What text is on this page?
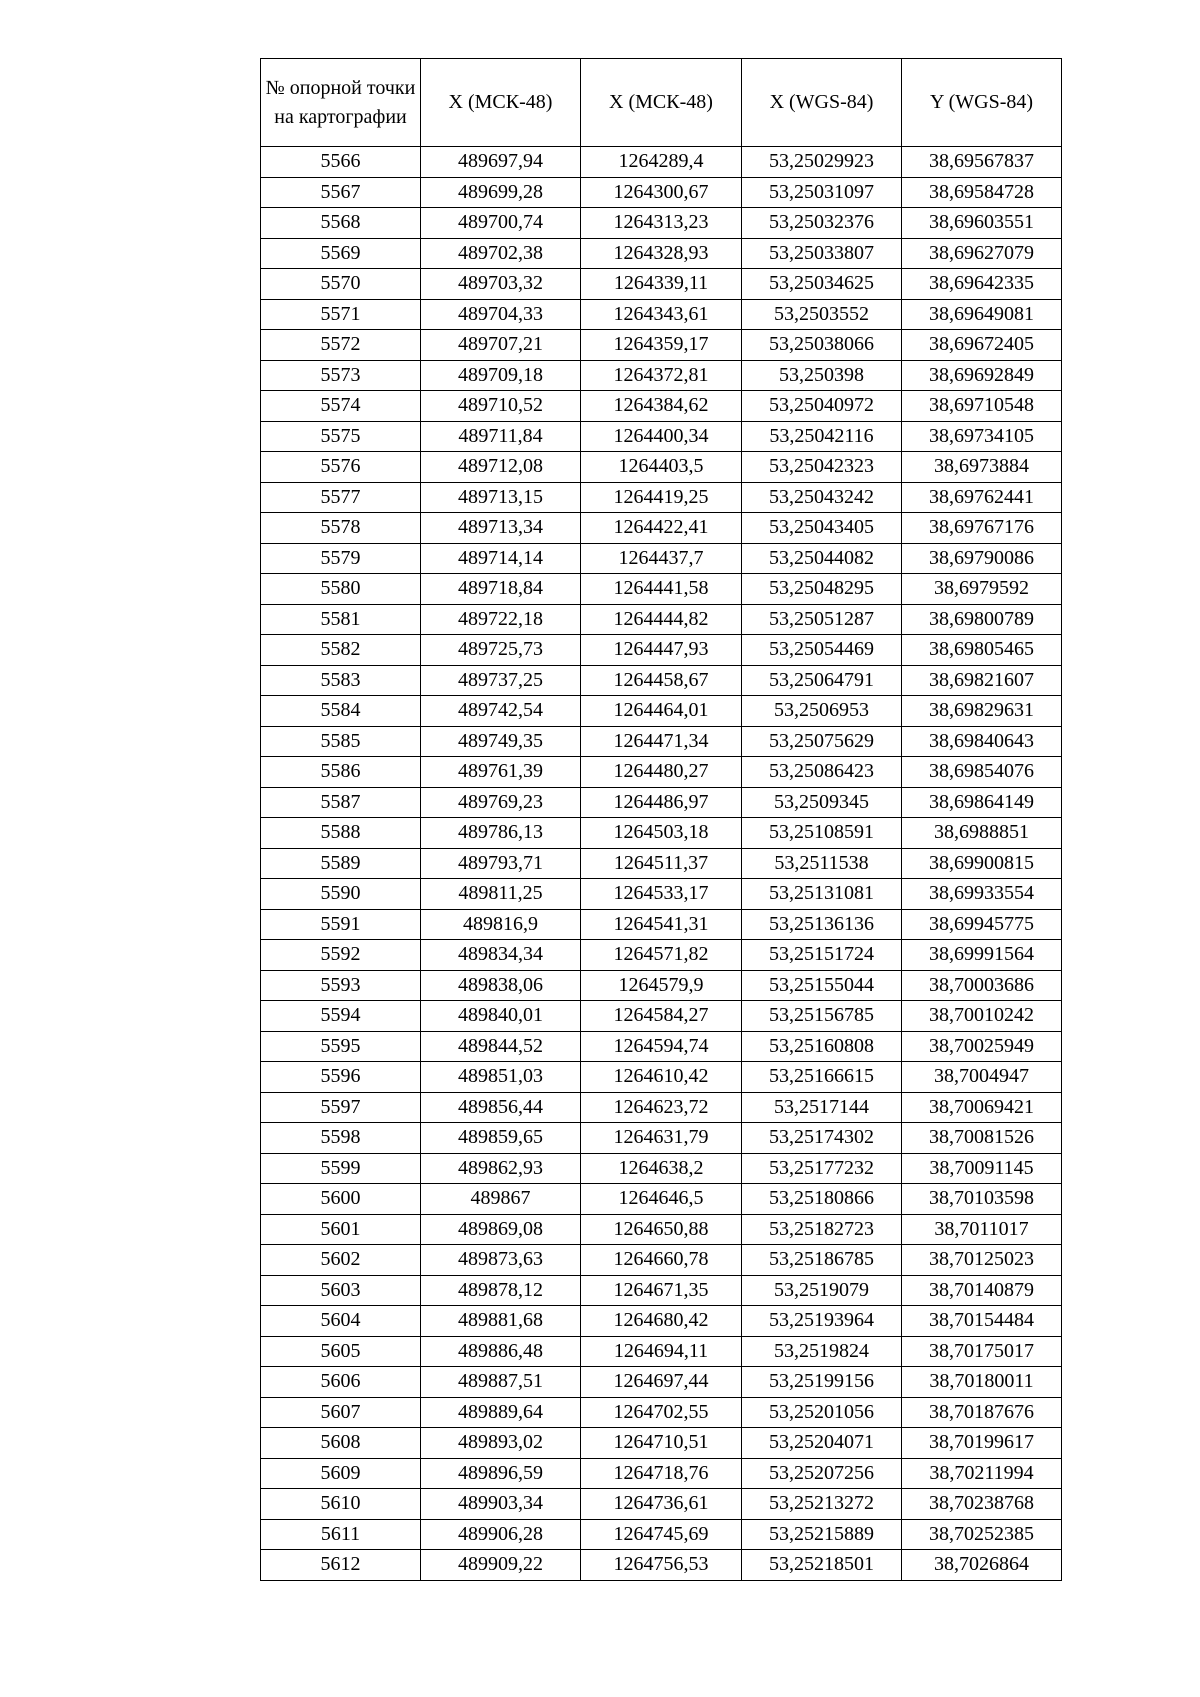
№ опорной точки на картографии	X (МСК-48)	X (МСК-48)	X (WGS-84)	Y (WGS-84)
5566	489697,94	1264289,4	53,25029923	38,69567837
5567	489699,28	1264300,67	53,25031097	38,69584728
5568	489700,74	1264313,23	53,25032376	38,69603551
5569	489702,38	1264328,93	53,25033807	38,69627079
5570	489703,32	1264339,11	53,25034625	38,69642335
5571	489704,33	1264343,61	53,2503552	38,69649081
5572	489707,21	1264359,17	53,25038066	38,69672405
5573	489709,18	1264372,81	53,250398	38,69692849
5574	489710,52	1264384,62	53,25040972	38,69710548
5575	489711,84	1264400,34	53,25042116	38,69734105
5576	489712,08	1264403,5	53,25042323	38,6973884
5577	489713,15	1264419,25	53,25043242	38,69762441
5578	489713,34	1264422,41	53,25043405	38,69767176
5579	489714,14	1264437,7	53,25044082	38,69790086
5580	489718,84	1264441,58	53,25048295	38,6979592
5581	489722,18	1264444,82	53,25051287	38,69800789
5582	489725,73	1264447,93	53,25054469	38,69805465
5583	489737,25	1264458,67	53,25064791	38,69821607
5584	489742,54	1264464,01	53,2506953	38,69829631
5585	489749,35	1264471,34	53,25075629	38,69840643
5586	489761,39	1264480,27	53,25086423	38,69854076
5587	489769,23	1264486,97	53,2509345	38,69864149
5588	489786,13	1264503,18	53,25108591	38,6988851
5589	489793,71	1264511,37	53,2511538	38,69900815
5590	489811,25	1264533,17	53,25131081	38,69933554
5591	489816,9	1264541,31	53,25136136	38,69945775
5592	489834,34	1264571,82	53,25151724	38,69991564
5593	489838,06	1264579,9	53,25155044	38,70003686
5594	489840,01	1264584,27	53,25156785	38,70010242
5595	489844,52	1264594,74	53,25160808	38,70025949
5596	489851,03	1264610,42	53,25166615	38,7004947
5597	489856,44	1264623,72	53,2517144	38,70069421
5598	489859,65	1264631,79	53,25174302	38,70081526
5599	489862,93	1264638,2	53,25177232	38,70091145
5600	489867	1264646,5	53,25180866	38,70103598
5601	489869,08	1264650,88	53,25182723	38,7011017
5602	489873,63	1264660,78	53,25186785	38,70125023
5603	489878,12	1264671,35	53,2519079	38,70140879
5604	489881,68	1264680,42	53,25193964	38,70154484
5605	489886,48	1264694,11	53,2519824	38,70175017
5606	489887,51	1264697,44	53,25199156	38,70180011
5607	489889,64	1264702,55	53,25201056	38,70187676
5608	489893,02	1264710,51	53,25204071	38,70199617
5609	489896,59	1264718,76	53,25207256	38,70211994
5610	489903,34	1264736,61	53,25213272	38,70238768
5611	489906,28	1264745,69	53,25215889	38,70252385
5612	489909,22	1264756,53	53,25218501	38,7026864
